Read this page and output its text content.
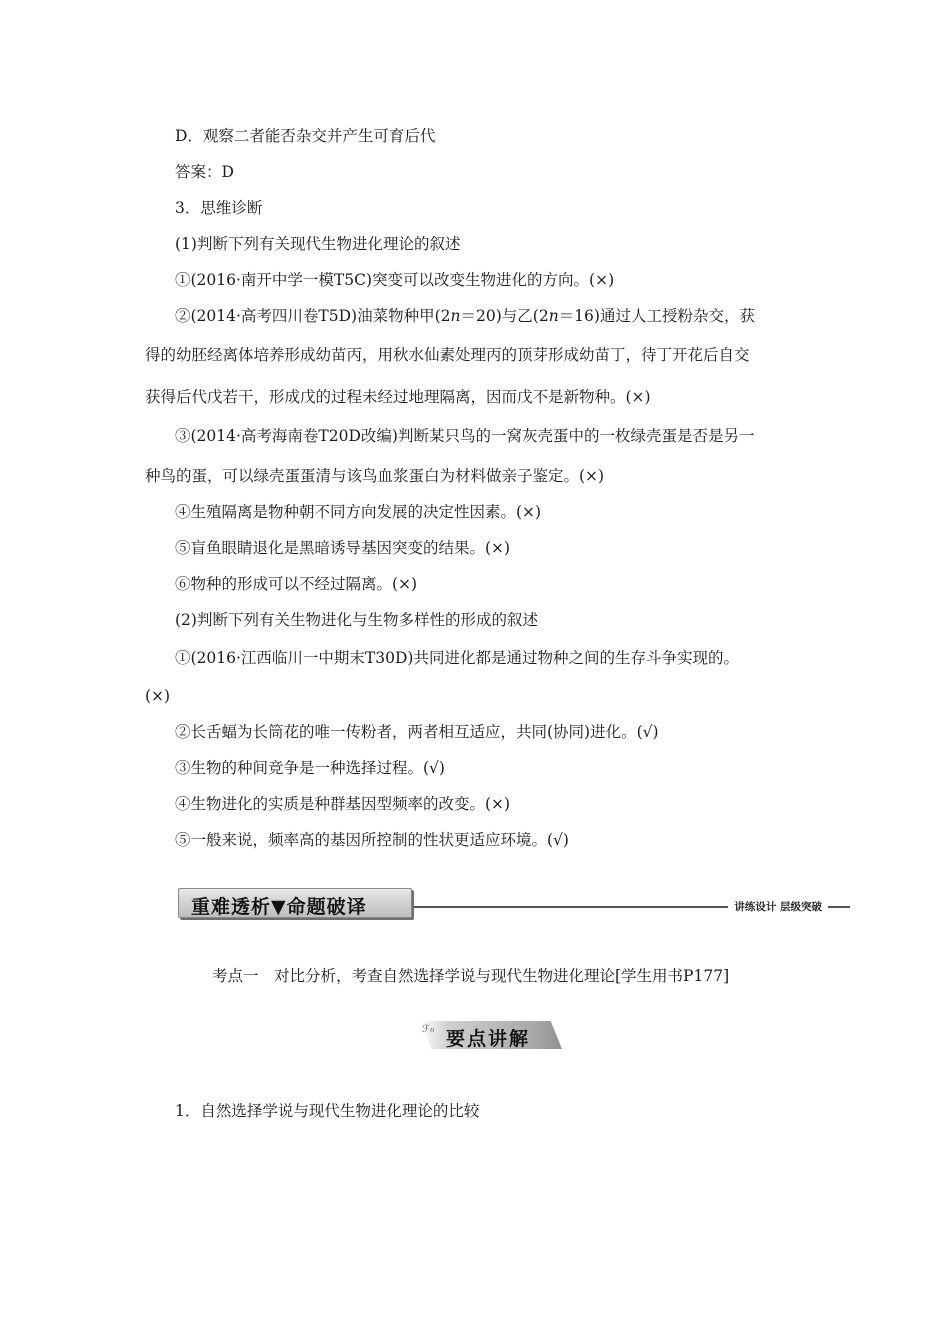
D．观察二者能否杂交并产生可育后代
答案：D
3．思维诊断
(1)判断下列有关现代生物进化理论的叙述
①(2016·南开中学一模T5C)突变可以改变生物进化的方向。(×)
②(2014·高考四川卷T5D)油菜物种甲(2n＝20)与乙(2n＝16)通过人工授粉杂交，获
得的幼胚经离体培养形成幼苗丙，用秋水仙素处理丙的顶芽形成幼苗丁，待丁开花后自交
获得后代戊若干，形成戊的过程未经过地理隔离，因而戊不是新物种。(×)
③(2014·高考海南卷T20D改编)判断某只鸟的一窝灰壳蛋中的一枚绿壳蛋是否是另一
种鸟的蛋，可以绿壳蛋蛋清与该鸟血浆蛋白为材料做亲子鉴定。(×)
④生殖隔离是物种朝不同方向发展的决定性因素。(×)
⑤盲鱼眼睛退化是黑暗诱导基因突变的结果。(×)
⑥物种的形成可以不经过隔离。(×)
(2)判断下列有关生物进化与生物多样性的形成的叙述
①(2016·江西临川一中期末T30D)共同进化都是通过物种之间的生存斗争实现的。
(×)
②长舌蝠为长筒花的唯一传粉者，两者相互适应，共同(协同)进化。(√)
③生物的种间竞争是一种选择过程。(√)
④生物进化的实质是种群基因型频率的改变。(×)
⑤一般来说，频率高的基因所控制的性状更适应环境。(√)
重难透析▼命题破译	讲练设计 层级突破
考点一　对比分析，考查自然选择学说与现代生物进化理论[学生用书P177]
ℱℴ 要点讲解
1．自然选择学说与现代生物进化理论的比较
